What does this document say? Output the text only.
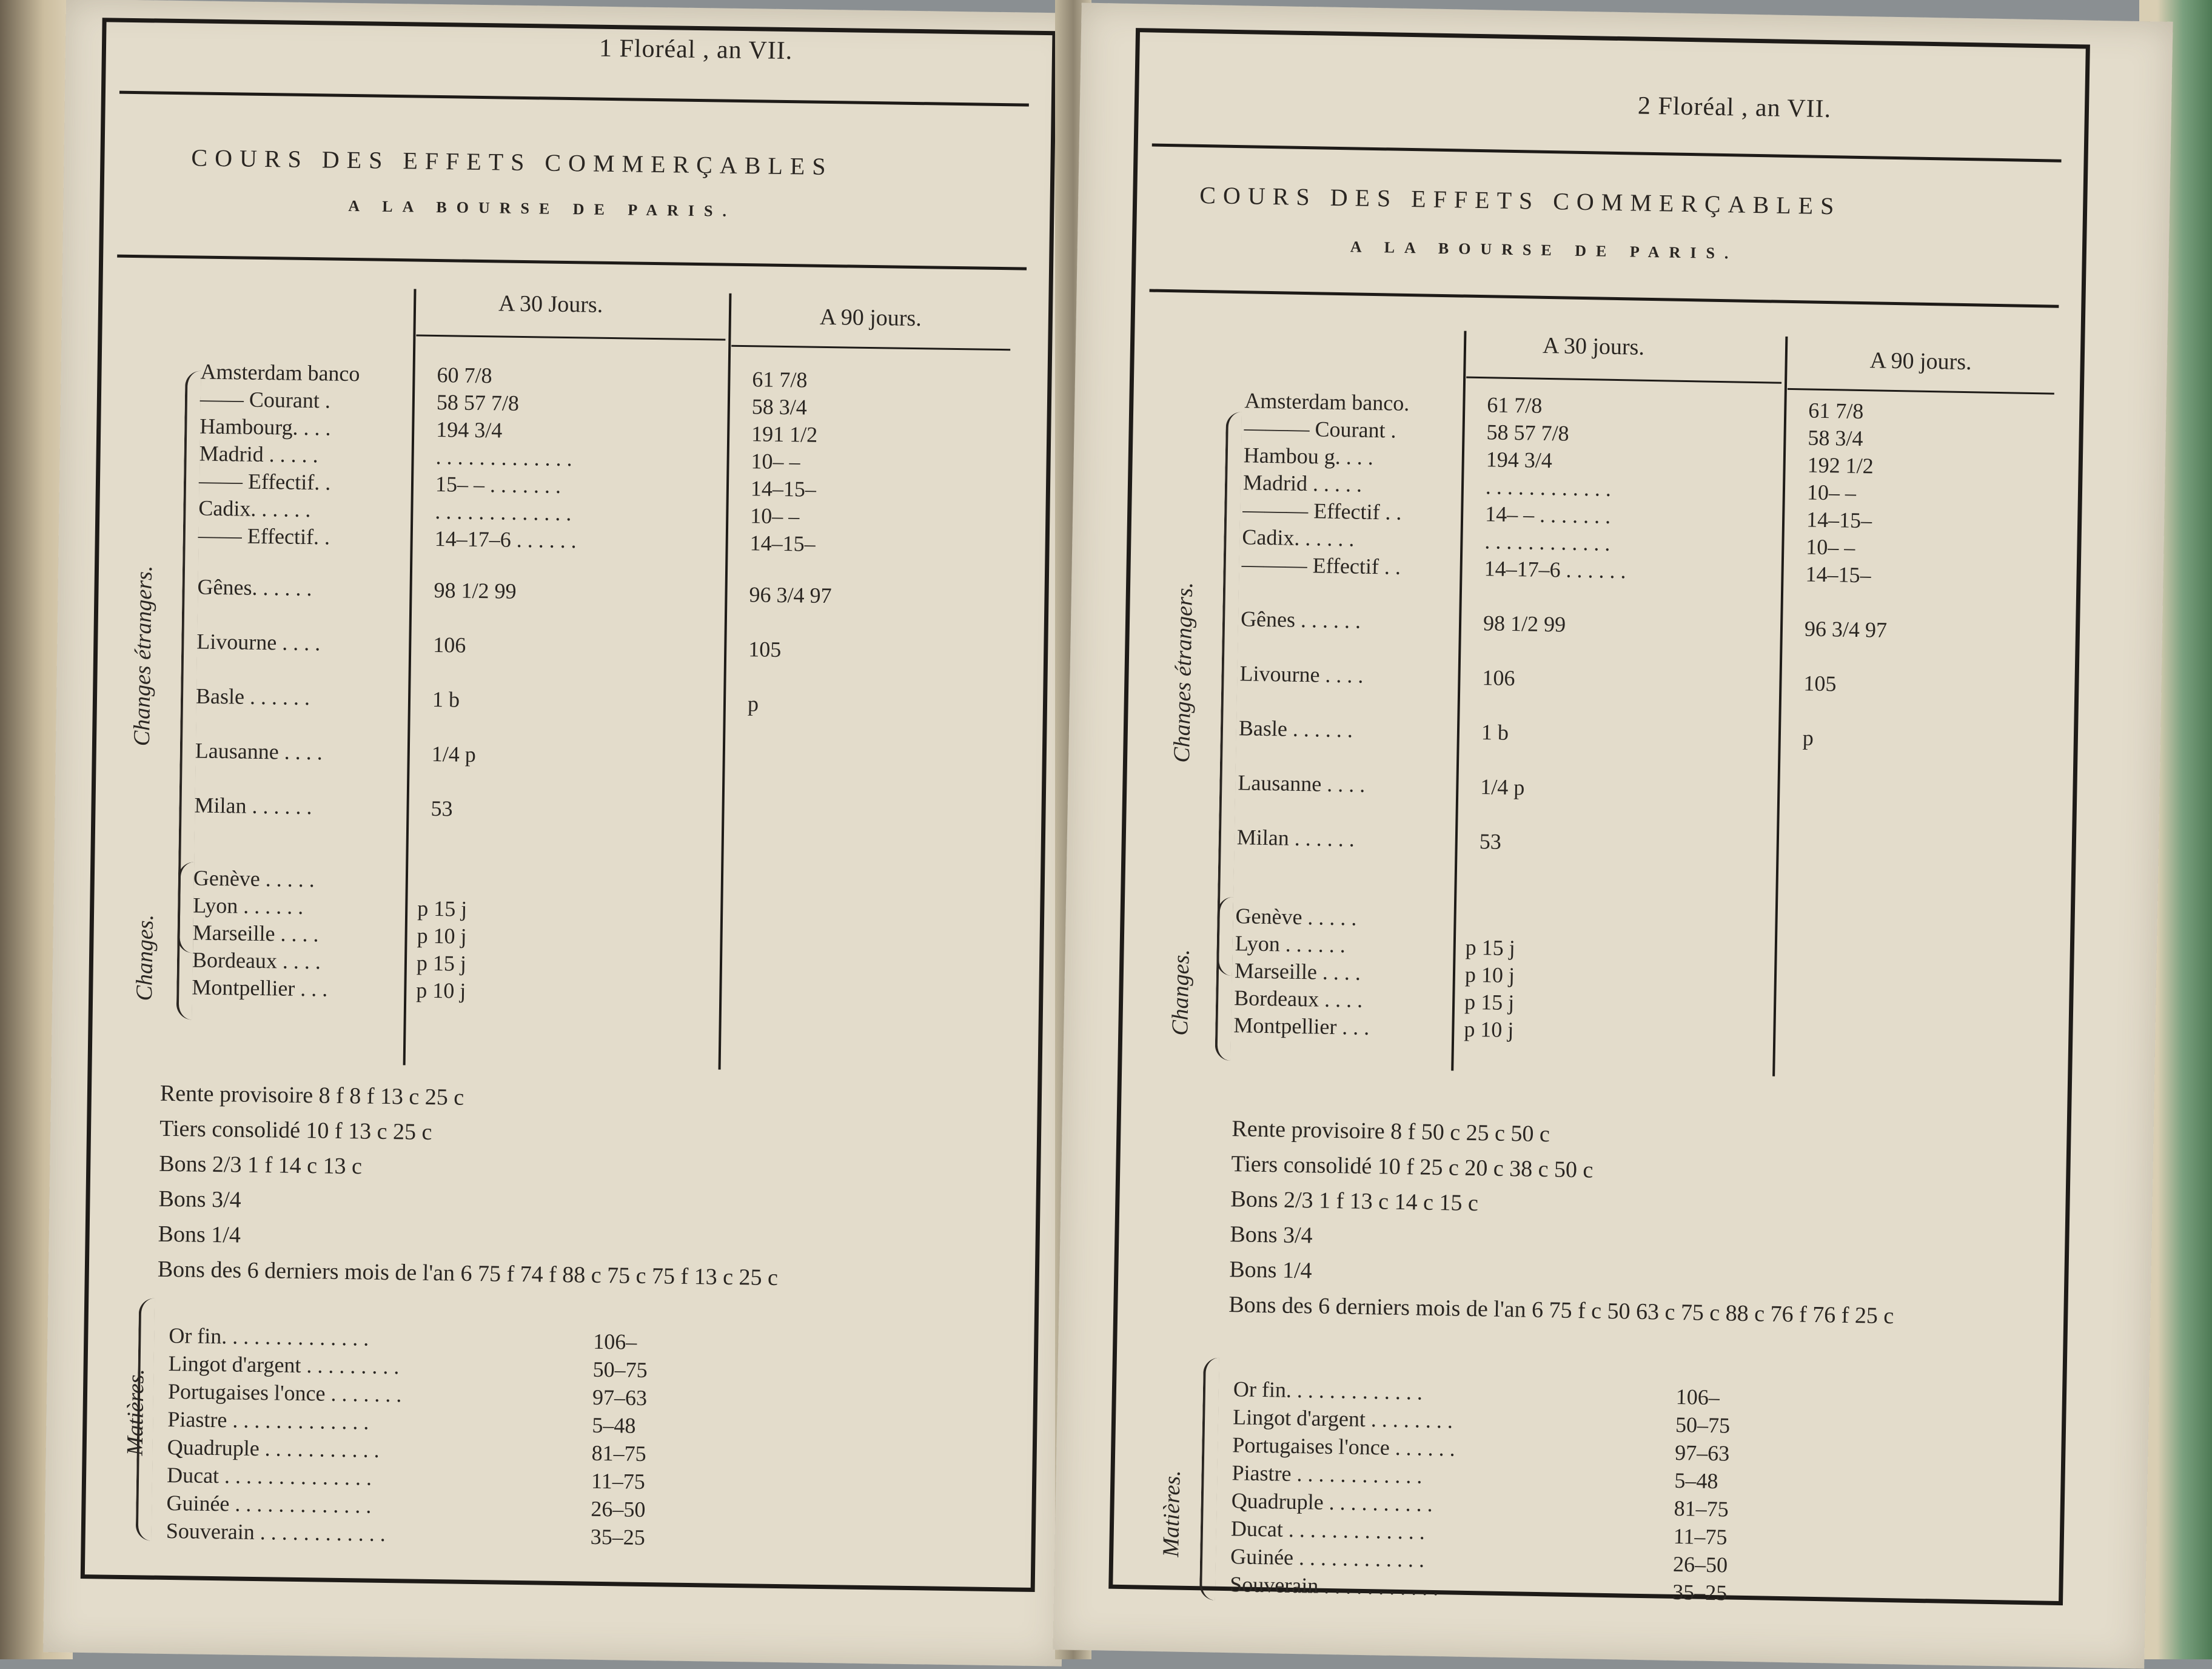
1 Floréal , an VII.
COURS DES EFFETS COMMERÇABLES
A LA BOURSE DE PARIS.
A 30 Jours.
A 90 jours.
Changes étrangers.
Amsterdam banco	60 7/8	61 7/8
—— Courant .	58 57 7/8	58 3/4
Hambourg. . . .	194 3/4	191 1/2
Madrid . . . . .	. . . . . . . . . . . . .	10– –
—— Effectif. .	15– – . . . . . . .	14–15–
Cadix. . . . . .	. . . . . . . . . . . . .	10– –
—— Effectif. .	14–17–6 . . . . . .	14–15–
Gênes. . . . . .	98 1/2 99	96 3/4 97
Livourne . . . .	106	105
Basle . . . . . .	1 b	p
Lausanne . . . .	1/4 p
Milan . . . . . .	53
Changes.
Genève . . . . .
Lyon . . . . . .	p 15 j
Marseille . . . .	p 10 j
Bordeaux . . . .	p 15 j
Montpellier . . .	p 10 j
Rente provisoire 8 f 8 f 13 c 25 c
Tiers consolidé 10 f 13 c 25 c
Bons 2/3 1 f 14 c 13 c
Bons 3/4
Bons 1/4
Bons des 6 derniers mois de l'an 6 75 f 74 f 88 c 75 c 75 f 13 c 25 c
Matières.
Or fin. . . . . . . . . . . . . .	106–
Lingot d'argent . . . . . . . . .	50–75
Portugaises l'once . . . . . . .	97–63
Piastre . . . . . . . . . . . . .	5–48
Quadruple . . . . . . . . . . .	81–75
Ducat . . . . . . . . . . . . . .	11–75
Guinée . . . . . . . . . . . . .	26–50
Souverain . . . . . . . . . . . .	35–25
2 Floréal , an VII.
COURS DES EFFETS COMMERÇABLES
A LA BOURSE DE PARIS.
A 30 jours.
A 90 jours.
Changes étrangers.
Amsterdam banco.	61 7/8	61 7/8
——— Courant .	58 57 7/8	58 3/4
Hambou g. . . .	194 3/4	192 1/2
Madrid . . . . .	. . . . . . . . . . . .	10– –
——— Effectif . .	14– – . . . . . . .	14–15–
Cadix. . . . . .	. . . . . . . . . . . .	10– –
——— Effectif . .	14–17–6 . . . . . .	14–15–
Gênes . . . . . .	98 1/2 99	96 3/4 97
Livourne . . . .	106	105
Basle . . . . . .	1 b	p
Lausanne . . . .	1/4 p
Milan . . . . . .	53
Changes.
Genève . . . . .
Lyon . . . . . .	p 15 j
Marseille . . . .	p 10 j
Bordeaux . . . .	p 15 j
Montpellier . . .	p 10 j
Rente provisoire 8 f 50 c 25 c 50 c
Tiers consolidé 10 f 25 c 20 c 38 c 50 c
Bons 2/3 1 f 13 c 14 c 15 c
Bons 3/4
Bons 1/4
Bons des 6 derniers mois de l'an 6 75 f c 50 63 c 75 c 88 c 76 f 76 f 25 c
Matières.
Or fin. . . . . . . . . . . . .	106–
Lingot d'argent . . . . . . . .	50–75
Portugaises l'once . . . . . .	97–63
Piastre . . . . . . . . . . . .	5–48
Quadruple . . . . . . . . . .	81–75
Ducat . . . . . . . . . . . . .	11–75
Guinée . . . . . . . . . . . .	26–50
Souverain . . . . . . . . . . .	35–25
